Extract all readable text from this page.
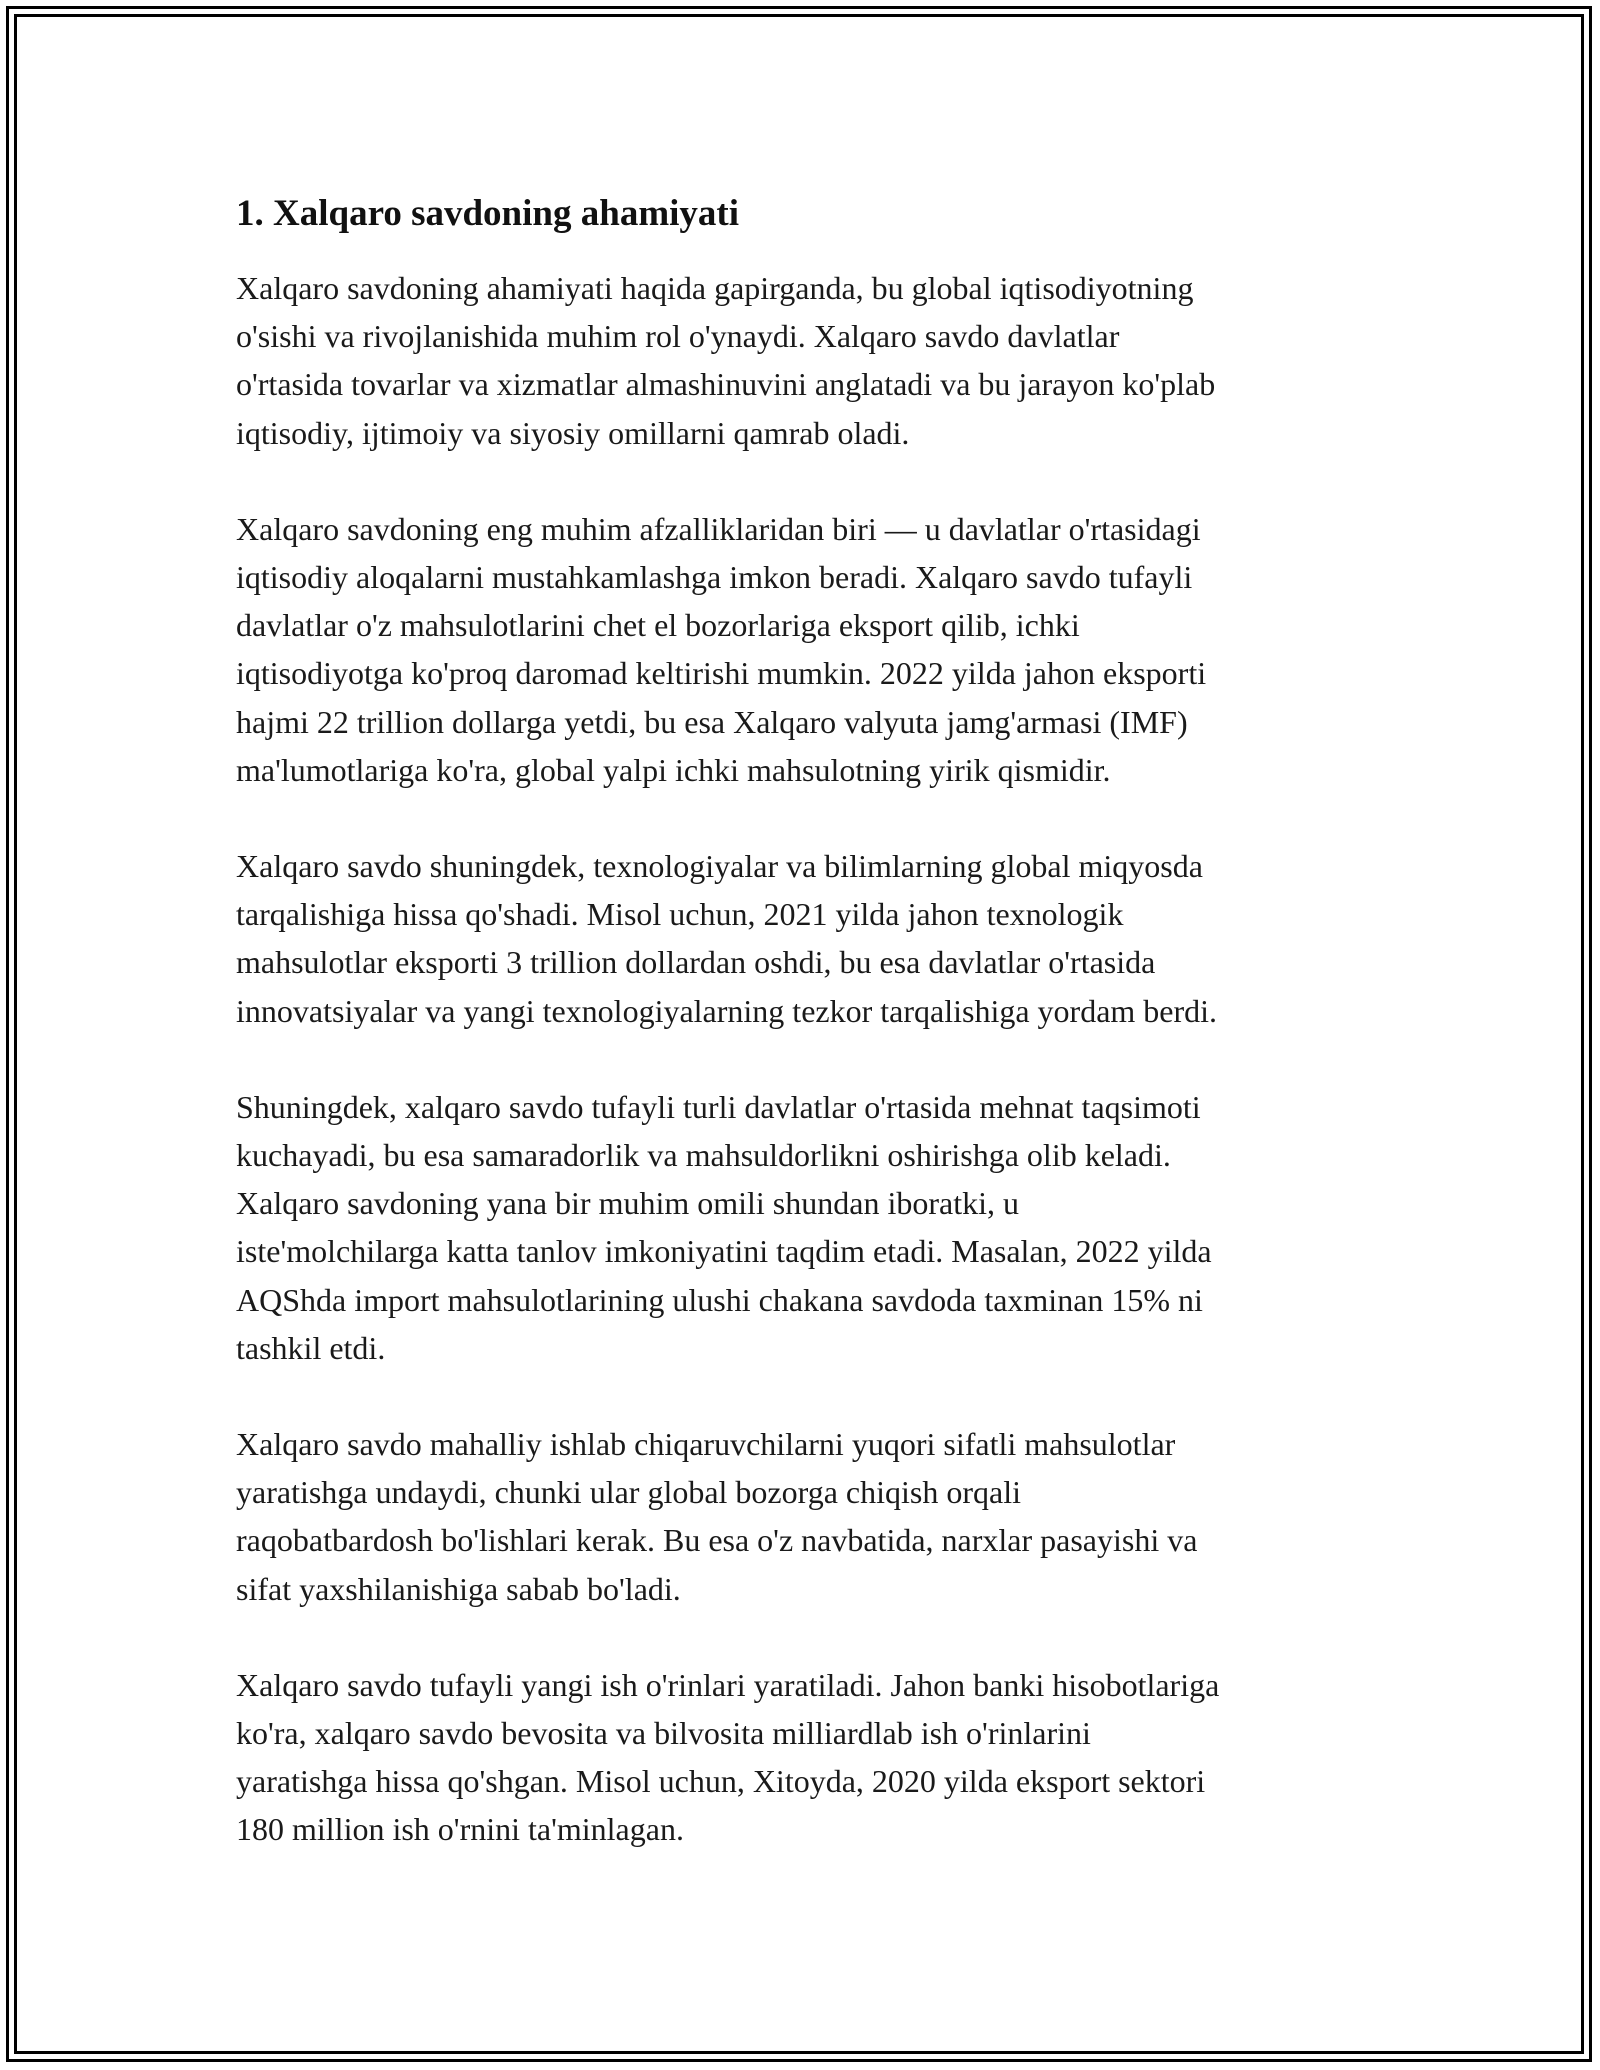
1. Xalqaro savdoning ahamiyati

Xalqaro savdoning ahamiyati haqida gapirganda, bu global iqtisodiyotning
o'sishi va rivojlanishida muhim rol o'ynaydi. Xalqaro savdo davlatlar
o'rtasida tovarlar va xizmatlar almashinuvini anglatadi va bu jarayon ko'plab
iqtisodiy, ijtimoiy va siyosiy omillarni qamrab oladi.

Xalqaro savdoning eng muhim afzalliklaridan biri — u davlatlar o'rtasidagi
iqtisodiy aloqalarni mustahkamlashga imkon beradi. Xalqaro savdo tufayli
davlatlar o'z mahsulotlarini chet el bozorlariga eksport qilib, ichki
iqtisodiyotga ko'proq daromad keltirishi mumkin. 2022 yilda jahon eksporti
hajmi 22 trillion dollarga yetdi, bu esa Xalqaro valyuta jamg'armasi (IMF)
ma'lumotlariga ko'ra, global yalpi ichki mahsulotning yirik qismidir.

Xalqaro savdo shuningdek, texnologiyalar va bilimlarning global miqyosda
tarqalishiga hissa qo'shadi. Misol uchun, 2021 yilda jahon texnologik
mahsulotlar eksporti 3 trillion dollardan oshdi, bu esa davlatlar o'rtasida
innovatsiyalar va yangi texnologiyalarning tezkor tarqalishiga yordam berdi.

Shuningdek, xalqaro savdo tufayli turli davlatlar o'rtasida mehnat taqsimoti
kuchayadi, bu esa samaradorlik va mahsuldorlikni oshirishga olib keladi.
Xalqaro savdoning yana bir muhim omili shundan iboratki, u
iste'molchilarga katta tanlov imkoniyatini taqdim etadi. Masalan, 2022 yilda
AQShda import mahsulotlarining ulushi chakana savdoda taxminan 15% ni
tashkil etdi.

Xalqaro savdo mahalliy ishlab chiqaruvchilarni yuqori sifatli mahsulotlar
yaratishga undaydi, chunki ular global bozorga chiqish orqali
raqobatbardosh bo'lishlari kerak. Bu esa o'z navbatida, narxlar pasayishi va
sifat yaxshilanishiga sabab bo'ladi.

Xalqaro savdo tufayli yangi ish o'rinlari yaratiladi. Jahon banki hisobotlariga
ko'ra, xalqaro savdo bevosita va bilvosita milliardlab ish o'rinlarini
yaratishga hissa qo'shgan. Misol uchun, Xitoyda, 2020 yilda eksport sektori
180 million ish o'rnini ta'minlagan.
